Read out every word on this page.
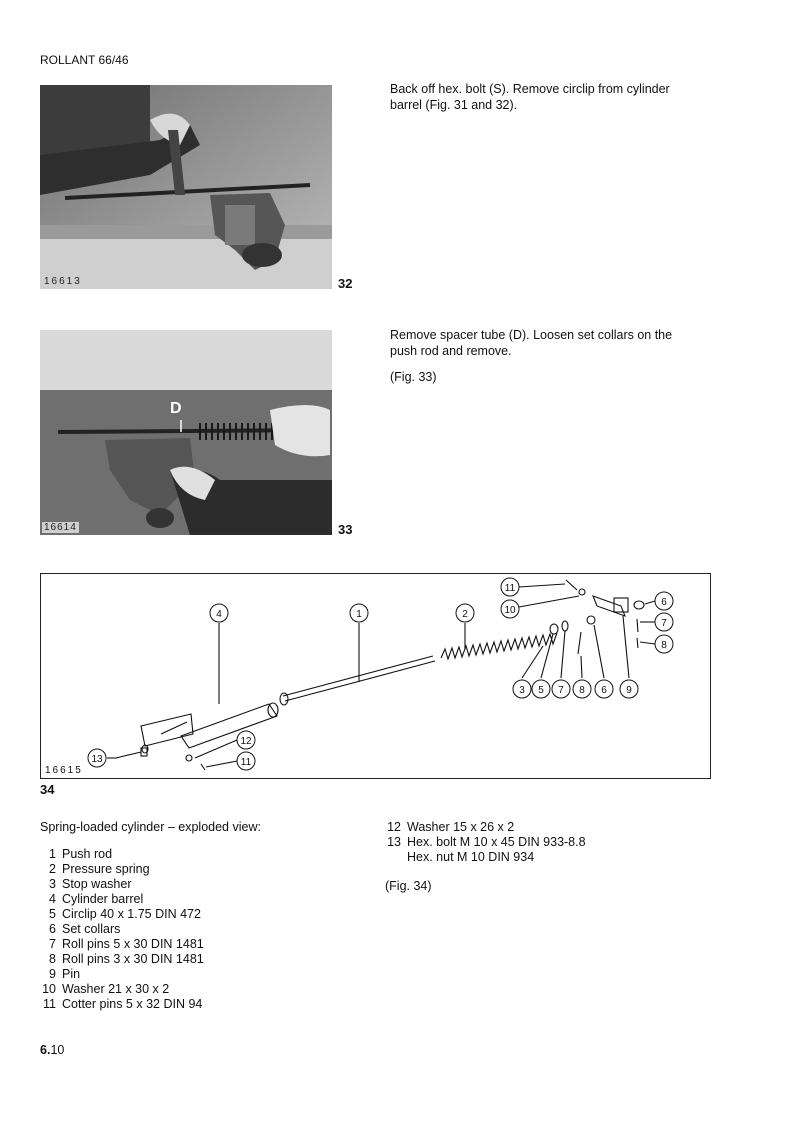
ROLLANT 66/46
16613	32
Back off hex. bolt (S). Remove circlip from cylinder barrel (Fig. 31 and 32).
D
16614	33
Remove spacer tube (D). Loosen set collars on the push rod and remove.
(Fig. 33)
4	1	2
3 5 7 8 6 9
11
10
6
7
8
12
11
13
16615
34
Spring-loaded cylinder – exploded view:
1 Push rod
2 Pressure spring
3 Stop washer
4 Cylinder barrel
5 Circlip 40 x 1.75 DIN 472
6 Set collars
7 Roll pins 5 x 30 DIN 1481
8 Roll pins 3 x 30 DIN 1481
9 Pin
10 Washer 21 x 30 x 2
11 Cotter pins 5 x 32 DIN 94
12 Washer 15 x 26 x 2
13 Hex. bolt M 10 x 45 DIN 933-8.8
Hex. nut M 10 DIN 934
(Fig. 34)
6.10
